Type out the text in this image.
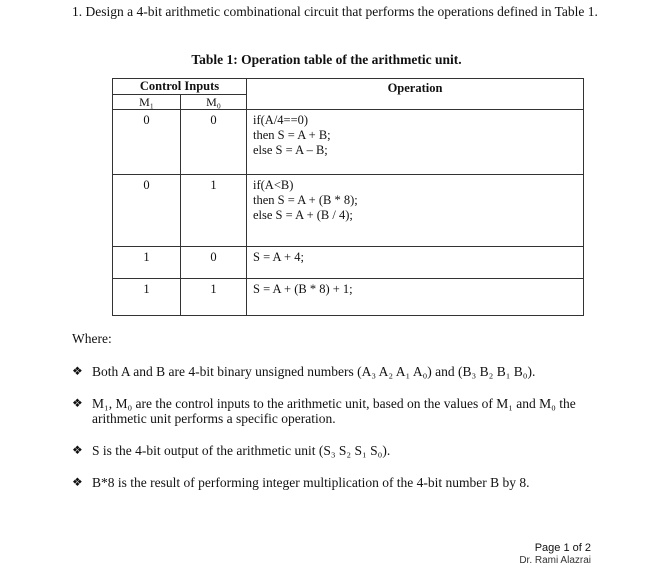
1. Design a 4-bit arithmetic combinational circuit that performs the operations defined in Table 1.
Table 1: Operation table of the arithmetic unit.
Control Inputs		Operation
M₁	M₀	
0	0	if(A/4==0)
then S = A + B;
else S = A – B;

0	1	if(A<B)
then S = A + (B * 8);
else S = A + (B / 4);

1	0	S = A + 4;

1	1	S = A + (B * 8) + 1;
Where:
❖ Both A and B are 4-bit binary unsigned numbers (A₃ A₂ A₁ A₀) and (B₃ B₂ B₁ B₀).
❖ M₁, M₀ are the control inputs to the arithmetic unit, based on the values of M₁ and M₀ the arithmetic unit performs a specific operation.
❖ S is the 4-bit output of the arithmetic unit (S₃ S₂ S₁ S₀).
❖ B*8 is the result of performing integer multiplication of the 4-bit number B by 8.
Page 1 of 2
Dr. Rami Alazrai
